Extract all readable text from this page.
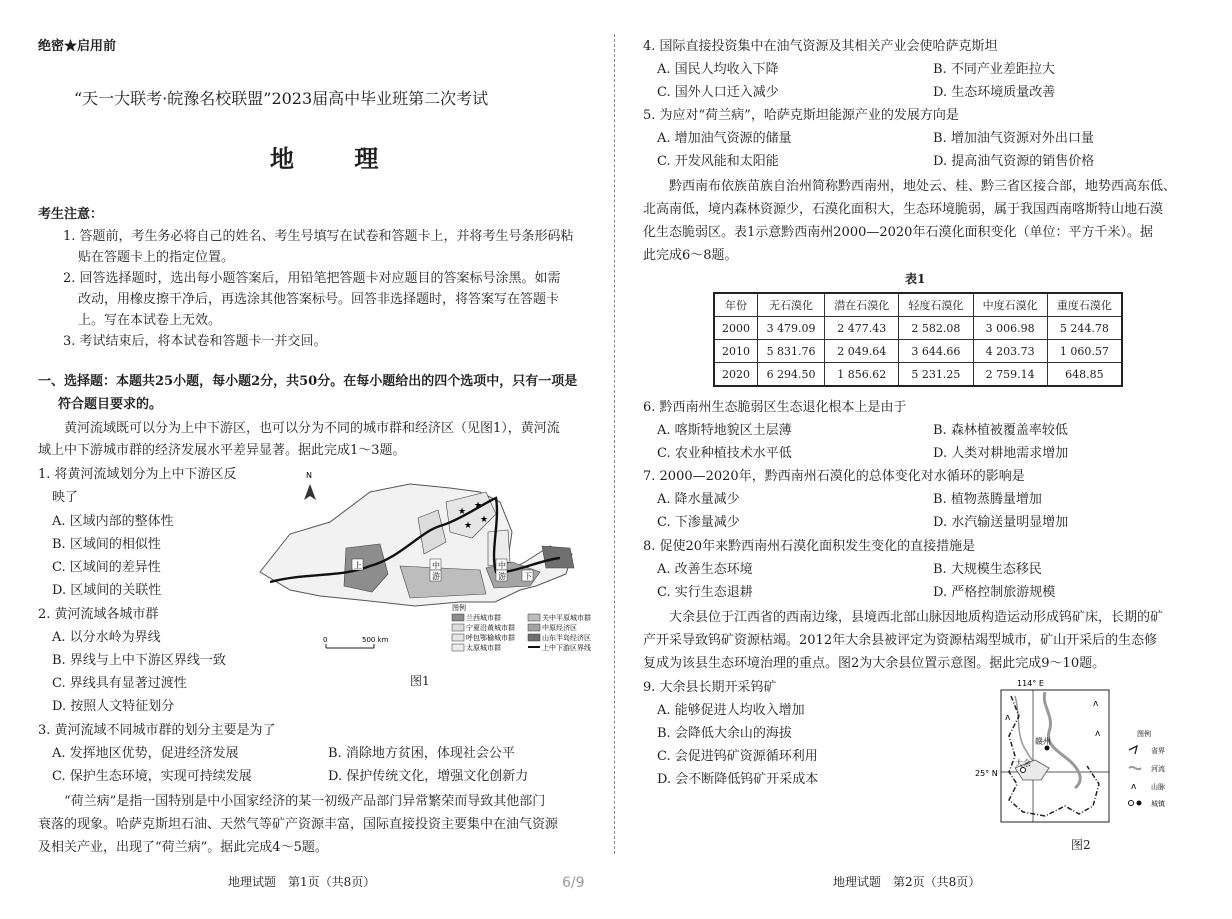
绝密★启用前
“天一大联考·皖豫名校联盟”2023届高中毕业班第二次考试
地 理
考生注意：
1. 答题前，考生务必将自己的姓名、考生号填写在试卷和答题卡上，并将考生号条形码粘
贴在答题卡上的指定位置。
2. 回答选择题时，选出每小题答案后，用铅笔把答题卡对应题目的答案标号涂黑。如需
改动，用橡皮擦干净后，再选涂其他答案标号。回答非选择题时，将答案写在答题卡
上。写在本试卷上无效。
3. 考试结束后，将本试卷和答题卡一并交回。
一、选择题：本题共25小题，每小题2分，共50分。在每小题给出的四个选项中，只有一项是
符合题目要求的。
黄河流域既可以分为上中下游区，也可以分为不同的城市群和经济区（见图1），黄河流
域上中下游城市群的经济发展水平差异显著。据此完成1～3题。
1. 将黄河流域划分为上中下游区反
映了
A. 区域内部的整体性
B. 区域间的相似性
C. 区域间的差异性
D. 区域间的关联性
2. 黄河流域各城市群
A. 以分水岭为界线
B. 界线与上中下游区界线一致
C. 界线具有显著过渡性
D. 按照人文特征划分
3. 黄河流域不同城市群的划分主要是为了
A. 发挥地区优势，促进经济发展	B. 消除地方贫困，体现社会公平
C. 保护生态环境，实现可持续发展	D. 保护传统文化，增强文化创新力
“荷兰病”是指一国特别是中小国家经济的某一初级产品部门异常繁荣而导致其他部门
衰落的现象。哈萨克斯坦石油、天然气等矿产资源丰富，国际直接投资主要集中在油气资源
及相关产业，出现了“荷兰病”。据此完成4～5题。
地理试题　第1页（共8页）
N
★
★
★
★
上	中
游
中
游 下
0	500 km
图例
兰西城市群
宁夏沿黄城市群
呼包鄂榆城市群
太原城市群
关中平原城市群
中原经济区
山东半岛经济区
上中下游区界线
图1
6/9
4. 国际直接投资集中在油气资源及其相关产业会使哈萨克斯坦
A. 国民人均收入下降	B. 不同产业差距拉大
C. 国外人口迁入减少	D. 生态环境质量改善
5. 为应对“荷兰病”，哈萨克斯坦能源产业的发展方向是
A. 增加油气资源的储量	B. 增加油气资源对外出口量
C. 开发风能和太阳能	D. 提高油气资源的销售价格
黔西南布依族苗族自治州简称黔西南州，地处云、桂、黔三省区接合部，地势西高东低、
北高南低，境内森林资源少，石漠化面积大，生态环境脆弱，属于我国西南喀斯特山地石漠
化生态脆弱区。表1示意黔西南州2000—2020年石漠化面积变化（单位：平方千米）。据
此完成6～8题。
表1
年份	无石漠化	潜在石漠化	轻度石漠化	中度石漠化	重度石漠化
2000	3 479.09	2 477.43	2 582.08	3 006.98	5 244.78
2010	5 831.76	2 049.64	3 644.66	4 203.73	1 060.57
2020	6 294.50	1 856.62	5 231.25	2 759.14	648.85
6. 黔西南州生态脆弱区生态退化根本上是由于
A. 喀斯特地貌区土层薄	B. 森林植被覆盖率较低
C. 农业种植技术水平低	D. 人类对耕地需求增加
7. 2000—2020年，黔西南州石漠化的总体变化对水循环的影响是
A. 降水量减少	B. 植物蒸腾量增加
C. 下渗量减少	D. 水汽输送量明显增加
8. 促使20年来黔西南州石漠化面积发生变化的直接措施是
A. 改善生态环境	B. 大规模生态移民
C. 实行生态退耕	D. 严格控制旅游规模
大余县位于江西省的西南边缘，县境西北部山脉因地质构造运动形成钨矿床，长期的矿
产开采导致钨矿资源枯竭。2012年大余县被评定为资源枯竭型城市，矿山开采后的生态修
复成为该县生态环境治理的重点。图2为大余县位置示意图。据此完成9～10题。
9. 大余县长期开采钨矿
A. 能够促进人均收入增加
B. 会降低大余山的海拔
C. 会促进钨矿资源循环利用
D. 会不断降低钨矿开采成本
114° E
25° N
ʌ
ʌ
ʌ
赣州
大余
图例
省界
河流
ʌ 山脉
城镇
图2
地理试题　第2页（共8页）
